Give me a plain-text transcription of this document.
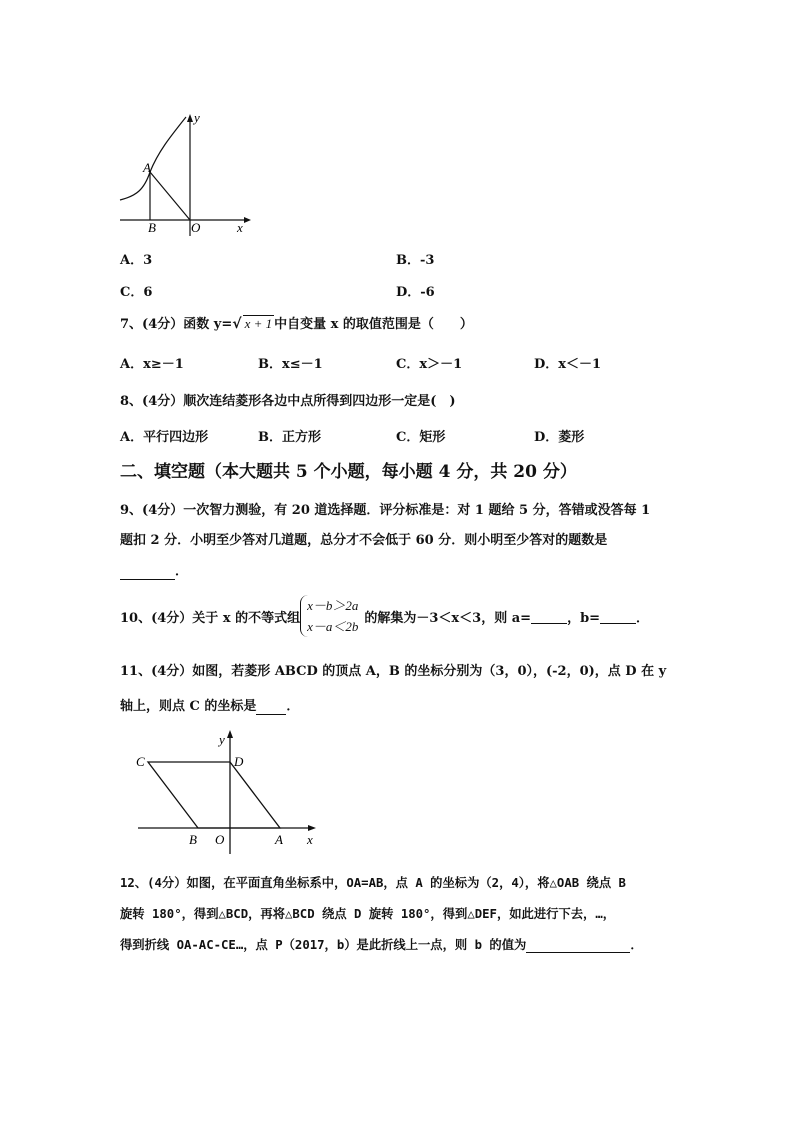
y
x
A
B	O
A．3	B．-3
C．6	D．-6
7、(4分）函数 y=√ x + 1 中自变量 x 的取值范围是（　　）
A．x≥－1	B．x≤－1	C．x＞－1	D．x＜－1
8、(4分）顺次连结菱形各边中点所得到四边形一定是(　)
A．平行四边形	B．正方形	C．矩形	D．菱形
二、填空题（本大题共 5 个小题，每小题 4 分，共 20 分）
9、(4分）一次智力测验，有 20 道选择题．评分标准是：对 1 题给 5 分，答错或没答每 1
题扣 2 分．小明至少答对几道题，总分才不会低于 60 分．则小明至少答对的题数是
．
10、(4分）关于 x 的不等式组
x－b＞2a
x－a＜2b
的解集为－3＜x＜3，则 a=
	，b=
	．
11、(4分）如图，若菱形 ABCD 的顶点 A，B 的坐标分别为（3，0），(-2，0)，点 D 在 y
轴上，则点 C 的坐标是 ．
y
x
C	D
B O	A
12、(4分）如图，在平面直角坐标系中，OA=AB，点 A 的坐标为（2，4），将△OAB 绕点 B
旋转 180°，得到△BCD，再将△BCD 绕点 D 旋转 180°，得到△DEF，如此进行下去，…，
得到折线 OA-AC-CE…，点 P（2017，b）是此折线上一点，则 b 的值为	．
